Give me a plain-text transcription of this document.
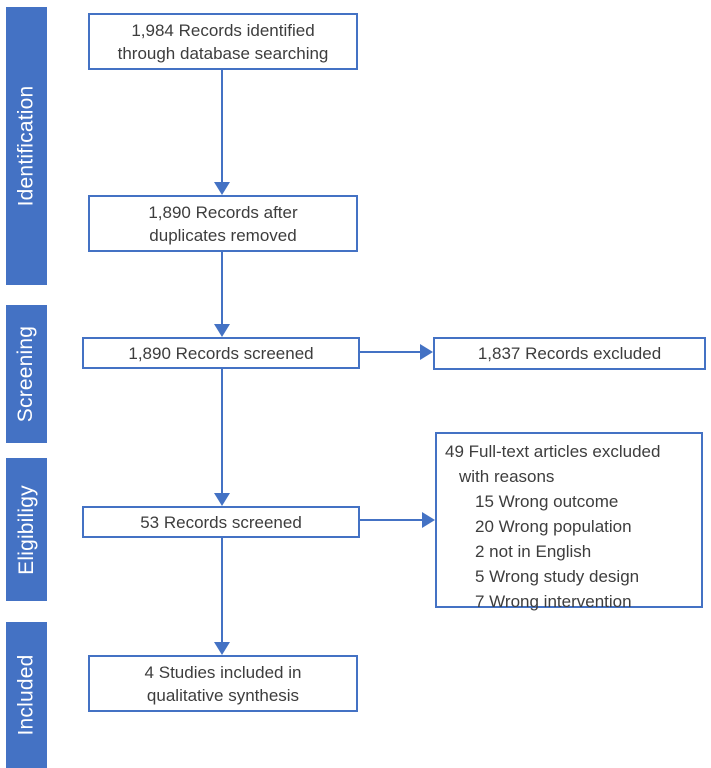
Identification
Screening
Eligibiligy
Included
1,984 Records identified
through database searching
1,890 Records after
duplicates removed
1,890 Records screened
53 Records screened
4 Studies included in
qualitative synthesis
1,837 Records excluded
49 Full-text articles excluded
with reasons
15 Wrong outcome
20 Wrong population
2 not in English
5 Wrong study design
7 Wrong intervention
